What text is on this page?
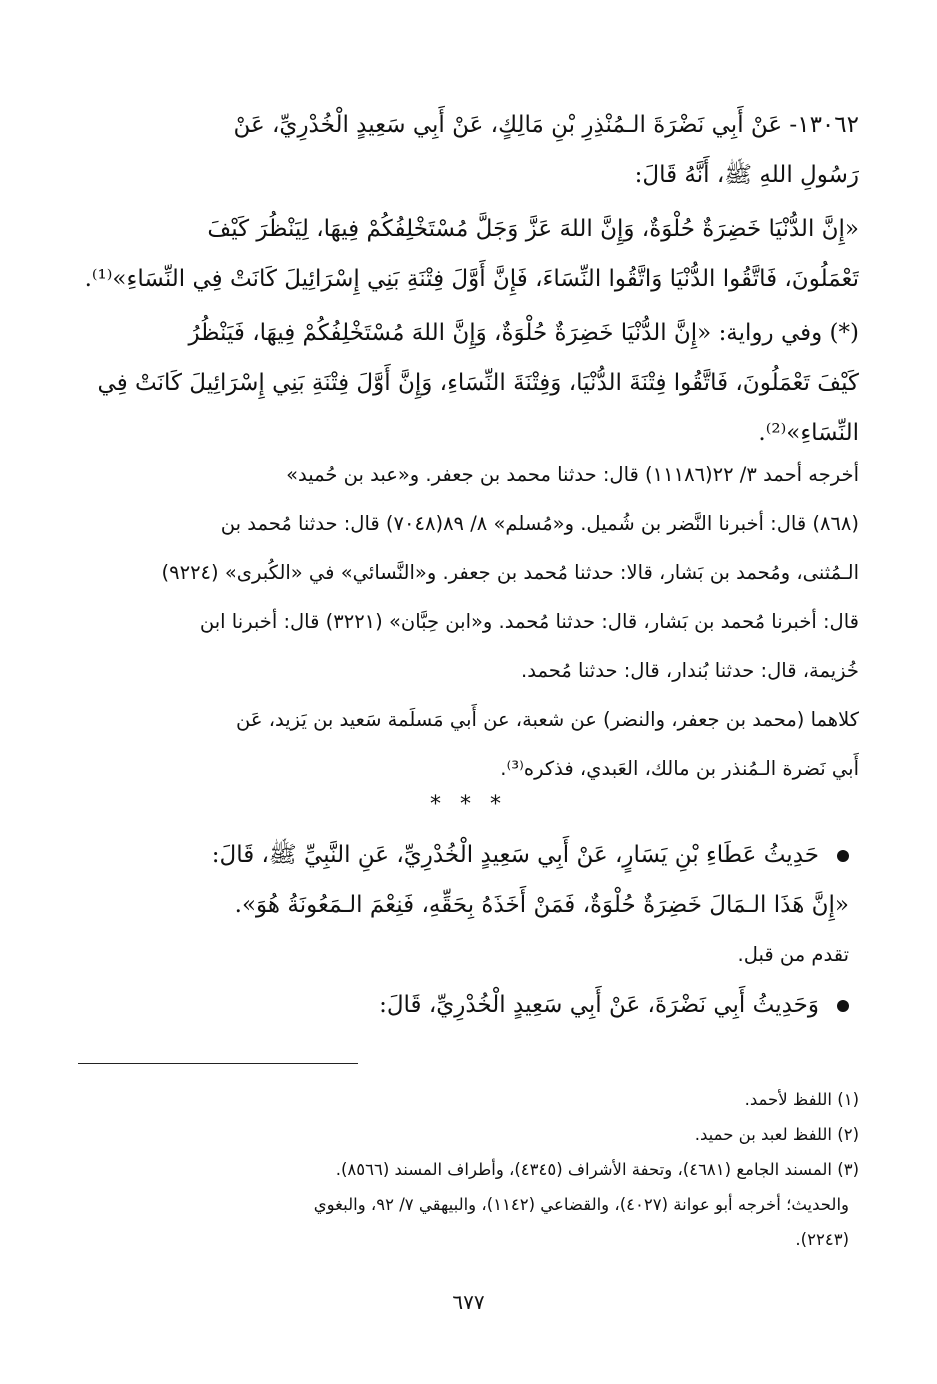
١٣٠٦٢- عَنْ أَبِي نَضْرَةَ الـمُنْذِرِ بْنِ مَالِكٍ، عَنْ أَبِي سَعِيدٍ الْخُدْرِيِّ، عَنْ
رَسُولِ اللهِ ﷺ، أَنَّهُ قَالَ:
«إِنَّ الدُّنْيَا خَضِرَةٌ حُلْوَةٌ، وَإِنَّ اللهَ عَزَّ وَجَلَّ مُسْتَخْلِفُكُمْ فِيهَا، لِيَنْظُرَ كَيْفَ
تَعْمَلُونَ، فَاتَّقُوا الدُّنْيَا وَاتَّقُوا النِّسَاءَ، فَإِنَّ أَوَّلَ فِتْنَةِ بَنِي إِسْرَائِيلَ كَانَتْ فِي النِّسَاءِ»⁽¹⁾.
(*) وفي رواية: «إِنَّ الدُّنْيَا خَضِرَةٌ حُلْوَةٌ، وَإِنَّ اللهَ مُسْتَخْلِفُكُمْ فِيهَا، فَيَنْظُرُ
كَيْفَ تَعْمَلُونَ، فَاتَّقُوا فِتْنَةَ الدُّنْيَا، وَفِتْنَةَ النِّسَاءِ، وَإِنَّ أَوَّلَ فِتْنَةِ بَنِي إِسْرَائِيلَ كَانَتْ فِي
النِّسَاءِ»⁽²⁾.
أخرجه أحمد ٣/ ٢٢(١١١٨٦) قال: حدثنا محمد بن جعفر. و«عبد بن حُميد»
(٨٦٨) قال: أخبرنا النَّضر بن شُميل. و«مُسلم» ٨/ ٨٩(٧٠٤٨) قال: حدثنا مُحمد بن
الـمُثنى، ومُحمد بن بَشار، قالا: حدثنا مُحمد بن جعفر. و«النَّسائي» في «الكُبرى» (٩٢٢٤)
قال: أخبرنا مُحمد بن بَشار، قال: حدثنا مُحمد. و«ابن حِبَّان» (٣٢٢١) قال: أخبرنا ابن
خُزيمة، قال: حدثنا بُندار، قال: حدثنا مُحمد.
كلاهما (محمد بن جعفر، والنضر) عن شعبة، عن أَبي مَسلَمة سَعيد بن يَزيد، عَن
أَبي نَضرة الـمُنذر بن مالك، العَبدي، فذكره⁽³⁾.
* * *
حَدِيثُ عَطَاءِ بْنِ يَسَارٍ، عَنْ أَبِي سَعِيدٍ الْخُدْرِيِّ، عَنِ النَّبِيِّ ﷺ، قَالَ:
«إِنَّ هَذَا الـمَالَ خَضِرَةٌ حُلْوَةٌ، فَمَنْ أَخَذَهُ بِحَقِّهِ، فَنِعْمَ الـمَعُونَةُ هُوَ».
تقدم من قبل.
وَحَدِيثُ أَبِي نَضْرَةَ، عَنْ أَبِي سَعِيدٍ الْخُدْرِيِّ، قَالَ:
(١) اللفظ لأحمد.
(٢) اللفظ لعبد بن حميد.
(٣) المسند الجامع (٤٦٨١)، وتحفة الأشراف (٤٣٤٥)، وأطراف المسند (٨٥٦٦).
والحديث؛ أخرجه أبو عوانة (٤٠٢٧)، والقضاعي (١١٤٢)، والبيهقي ٧/ ٩٢، والبغوي
(٢٢٤٣).
٦٧٧
